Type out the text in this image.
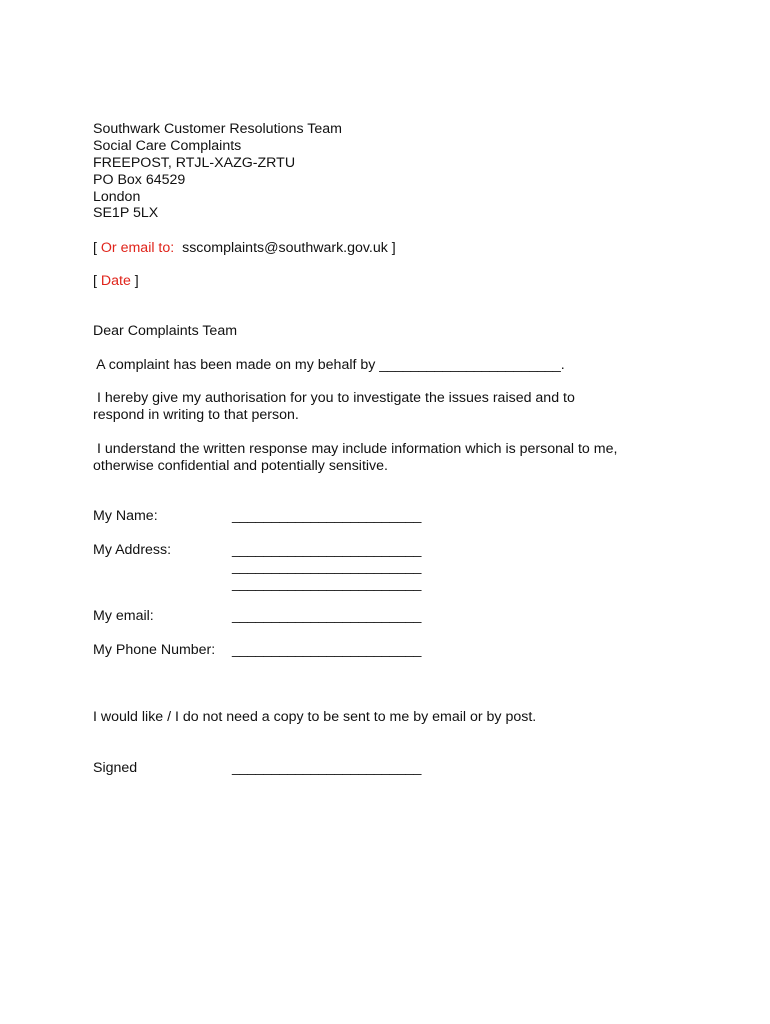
Southwark Customer Resolutions Team
Social Care Complaints
FREEPOST, RTJL-XAZG-ZRTU
PO Box 64529
London
SE1P 5LX
[ Or email to:  sscomplaints@southwark.gov.uk ]
[ Date ]
Dear Complaints Team
A complaint has been made on my behalf by _______________________.
I hereby give my authorisation for you to investigate the issues raised and to
respond in writing to that person.
I understand the written response may include information which is personal to me,
otherwise confidential and potentially sensitive.
My Name:	________________________
My Address:	________________________
________________________
________________________
My email:	________________________
My Phone Number: ________________________
I would like / I do not need a copy to be sent to me by email or by post.
Signed	________________________
